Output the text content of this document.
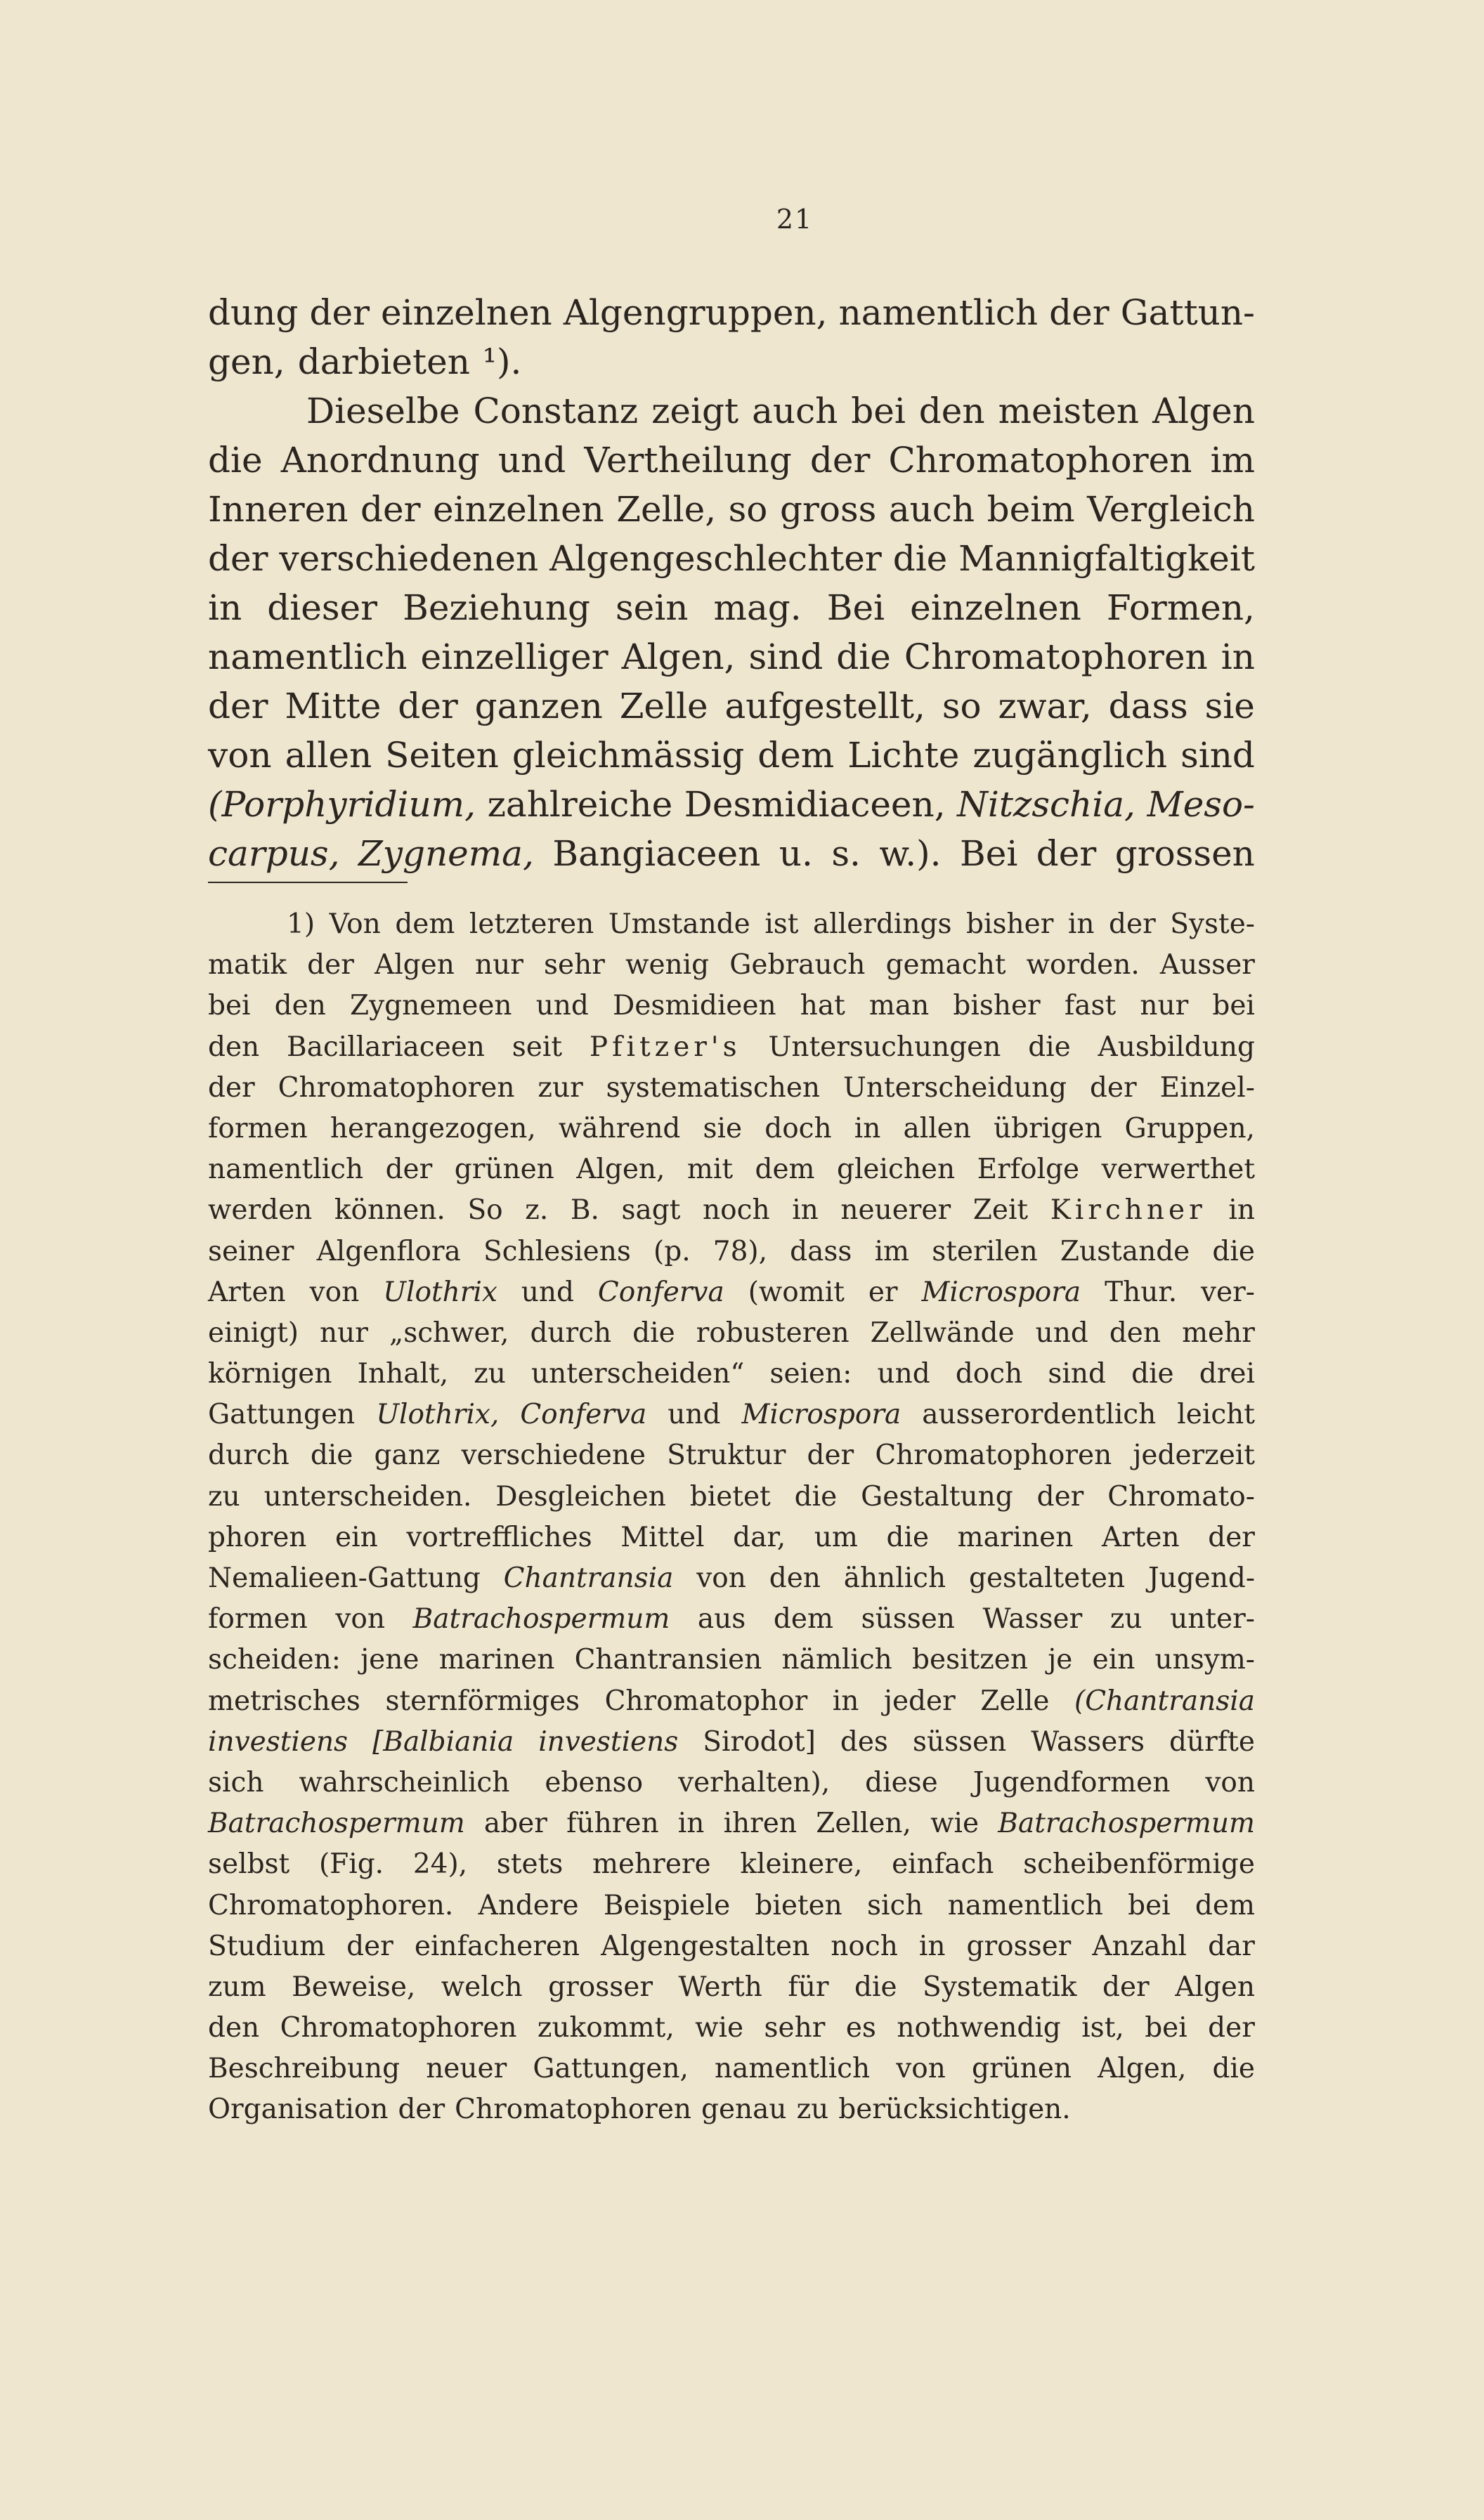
21
dung der einzelnen Algengruppen, namentlich der Gattun-
gen, darbieten ¹).
Dieselbe Constanz zeigt auch bei den meisten Algen
die Anordnung und Vertheilung der Chromatophoren im
Inneren der einzelnen Zelle, so gross auch beim Vergleich
der verschiedenen Algengeschlechter die Mannigfaltigkeit
in dieser Beziehung sein mag. Bei einzelnen Formen,
namentlich einzelliger Algen, sind die Chromatophoren in
der Mitte der ganzen Zelle aufgestellt, so zwar, dass sie
von allen Seiten gleichmässig dem Lichte zugänglich sind
(Porphyridium, zahlreiche Desmidiaceen, Nitzschia, Meso-
carpus, Zygnema, Bangiaceen u. s. w.). Bei der grossen
1) Von dem letzteren Umstande ist allerdings bisher in der Syste-
matik der Algen nur sehr wenig Gebrauch gemacht worden. Ausser
bei den Zygnemeen und Desmidieen hat man bisher fast nur bei
den Bacillariaceen seit Pfitzer's Untersuchungen die Ausbildung
der Chromatophoren zur systematischen Unterscheidung der Einzel-
formen herangezogen, während sie doch in allen übrigen Gruppen,
namentlich der grünen Algen, mit dem gleichen Erfolge verwerthet
werden können. So z. B. sagt noch in neuerer Zeit Kirchner in
seiner Algenflora Schlesiens (p. 78), dass im sterilen Zustande die
Arten von Ulothrix und Conferva (womit er Microspora Thur. ver-
einigt) nur „schwer, durch die robusteren Zellwände und den mehr
körnigen Inhalt, zu unterscheiden“ seien: und doch sind die drei
Gattungen Ulothrix, Conferva und Microspora ausserordentlich leicht
durch die ganz verschiedene Struktur der Chromatophoren jederzeit
zu unterscheiden. Desgleichen bietet die Gestaltung der Chromato-
phoren ein vortreffliches Mittel dar, um die marinen Arten der
Nemalieen-Gattung Chantransia von den ähnlich gestalteten Jugend-
formen von Batrachospermum aus dem süssen Wasser zu unter-
scheiden: jene marinen Chantransien nämlich besitzen je ein unsym-
metrisches sternförmiges Chromatophor in jeder Zelle (Chantransia
investiens [Balbiania investiens Sirodot] des süssen Wassers dürfte
sich wahrscheinlich ebenso verhalten), diese Jugendformen von
Batrachospermum aber führen in ihren Zellen, wie Batrachospermum
selbst (Fig. 24), stets mehrere kleinere, einfach scheibenförmige
Chromatophoren. Andere Beispiele bieten sich namentlich bei dem
Studium der einfacheren Algengestalten noch in grosser Anzahl dar
zum Beweise, welch grosser Werth für die Systematik der Algen
den Chromatophoren zukommt, wie sehr es nothwendig ist, bei der
Beschreibung neuer Gattungen, namentlich von grünen Algen, die
Organisation der Chromatophoren genau zu berücksichtigen.
